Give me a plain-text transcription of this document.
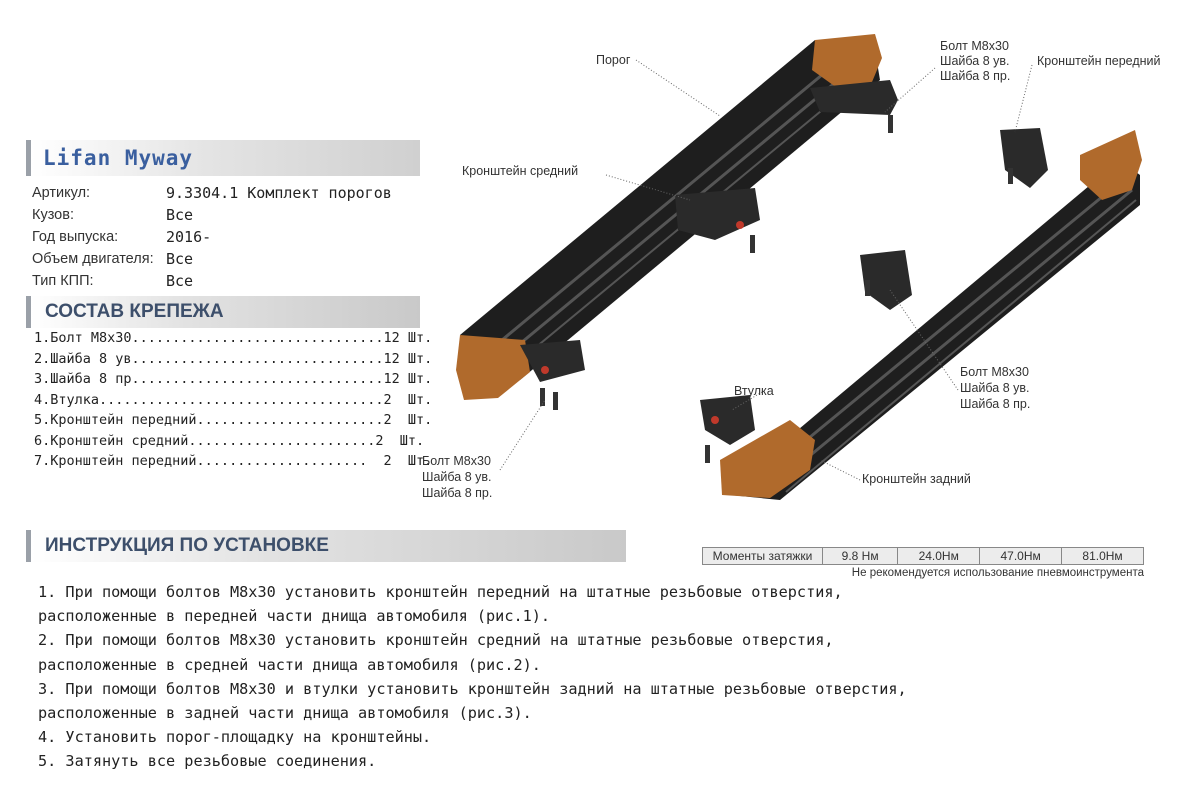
Lifan Myway
Артикул:	9.3304.1 Комплект порогов
Кузов:	Все
Год выпуска:	2016-
Объем двигателя: Все
Тип КПП:	Все
СОСТАВ КРЕПЕЖА
1.Болт М8х30...............................12 Шт.
2.Шайба 8 ув...............................12 Шт.
3.Шайба 8 пр...............................12 Шт.
4.Втулка...................................2  Шт.
5.Кронштейн передний.......................2  Шт.
6.Кронштейн средний.......................2  Шт.
7.Кронштейн передний.....................  2  Шт.
Порог
Болт М8х30
Шайба 8 ув.
Шайба 8 пр.
Кронштейн передний
Кронштейн средний
Болт М8х30
Шайба 8 ув.
Шайба 8 пр.
Втулка
Болт М8х30
Шайба 8 ув.
Шайба 8 пр.
Кронштейн задний
ИНСТРУКЦИЯ ПО УСТАНОВКЕ	Моменты затяжки	9.8 Нм	24.0Нм	47.0Нм	81.0Нм
Не рекомендуется использование пневмоинструмента
1. При помощи болтов М8х30 установить кронштейн передний на штатные резьбовые отверстия,
расположенные в передней части днища автомобиля (рис.1).
2. При помощи болтов М8х30 установить кронштейн средний на штатные резьбовые отверстия,
расположенные в средней части днища автомобиля (рис.2).
3. При помощи болтов М8х30 и втулки установить кронштейн задний на штатные резьбовые отверстия,
расположенные в задней части днища автомобиля (рис.3).
4. Установить порог-площадку на кронштейны.
5. Затянуть все резьбовые соединения.
